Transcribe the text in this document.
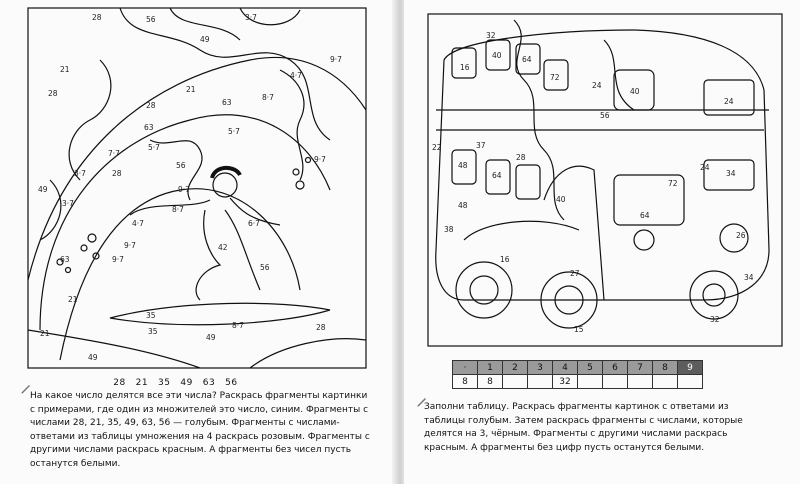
28	56	3·7
21
49
4·7
9·7
28	21
8·7
28	63
63	5·7
7·7
3·7
9·7
5·7
56
28
49	9·7
8·7
3·7
4·7	6·7
9·7	42
63	9·7
56
21
35
8·7
35
49
28
21
49
28 21 35 49 63 56
На какое число делятся все эти числа? Раскрась фрагменты картинки с примерами, где один из множителей это число, синим. Фрагменты с числами 28, 21, 35, 49, 63, 56 — голубым. Фрагменты с числами-ответами из таблицы умножения на 4 раскрась розовым. Фрагменты с другими числами раскрась красным. А фрагменты без чисел пусть останутся белыми.
32
16
40	64
72
24
40
56
24
22	37
48
64
28
40
72
24
48
34
26
64
38
16
27
15
34
32
·	1	2	3	4	5	6	7	8	9
8	8			32					
Заполни таблицу. Раскрась фрагменты картинок с ответами из таблицы голубым. Затем раскрась фрагменты с числами, которые делятся на 3, чёрным. Фрагменты с другими числами раскрась красным. А фрагменты без цифр пусть останутся белыми.
